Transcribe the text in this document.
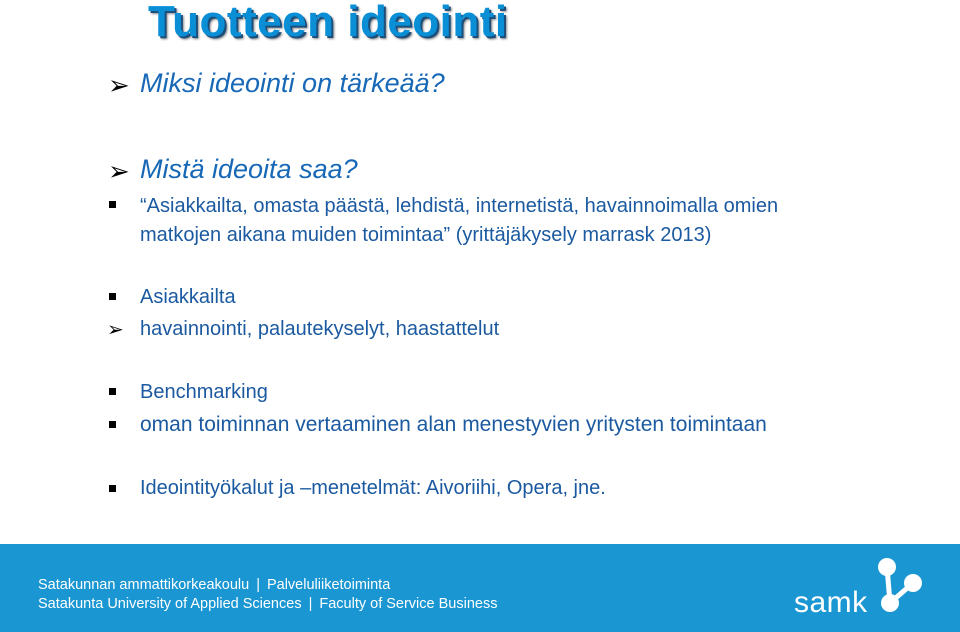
Tuotteen ideointi
➢ Miksi ideointi on tärkeää?
➢ Mistä ideoita saa?
“Asiakkailta, omasta päästä, lehdistä, internetistä, havainnoimalla omien
matkojen aikana muiden toimintaa” (yrittäjäkysely marrask 2013)
Asiakkailta
➢ havainnointi, palautekyselyt, haastattelut
Benchmarking
oman toiminnan vertaaminen alan menestyvien yritysten toimintaan
Ideointityökalut ja –menetelmät: Aivoriihi, Opera, jne.
Satakunnan ammattikorkeakoulu | Palveluliiketoiminta
Satakunta University of Applied Sciences | Faculty of Service Business	samk
